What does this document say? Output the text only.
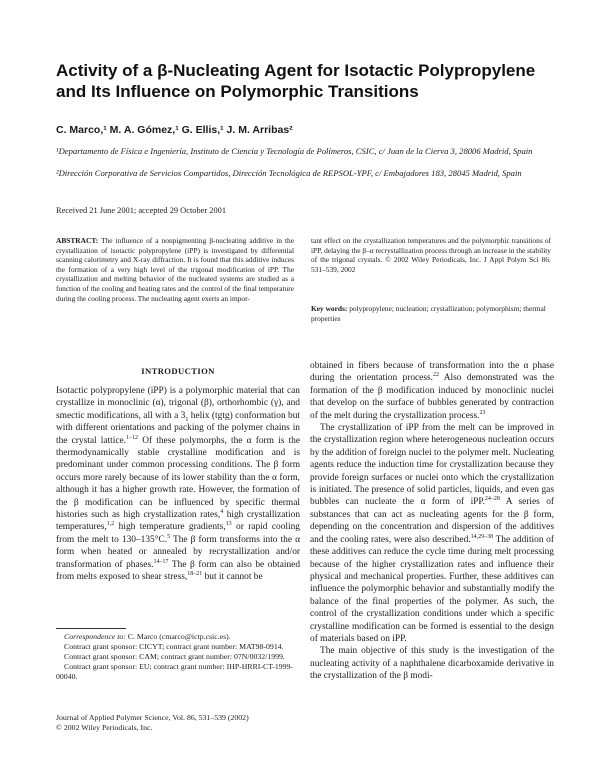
Activity of a β-Nucleating Agent for Isotactic Polypropylene and Its Influence on Polymorphic Transitions
C. Marco,¹ M. A. Gómez,¹ G. Ellis,¹ J. M. Arribas²
¹Departamento de Física e Ingeniería, Instituto de Ciencia y Tecnología de Polímeros, CSIC, c/ Juan de la Cierva 3, 28006 Madrid, Spain
²Dirección Corporativa de Servicios Compartidos, Dirección Tecnológica de REPSOL-YPF, c/ Embajadores 183, 28045 Madrid, Spain
Received 21 June 2001; accepted 29 October 2001
ABSTRACT: The influence of a nonpigmenting β-nucleating additive in the crystallization of isotactic polypropylene (iPP) is investigated by differential scanning calorimetry and X-ray diffraction. It is found that this additive induces the formation of a very high level of the trigonal modification of iPP. The crystallization and melting behavior of the nucleated systems are studied as a function of the cooling and heating rates and the control of the final temperature during the cooling process. The nucleating agent exerts an impor-
tant effect on the crystallization temperatures and the polymorphic transitions of iPP, delaying the β–α recrystallization process through an increase in the stability of the trigonal crystals. © 2002 Wiley Periodicals, Inc. J Appl Polym Sci 86: 531–539, 2002
Key words: polypropylene; nucleation; crystallization; polymorphism; thermal properties
INTRODUCTION

Isotactic polypropylene (iPP) is a polymorphic material that can crystallize in monoclinic (α), trigonal (β), orthorhombic (γ), and smectic modifications, all with a $3_1$ helix (tgtg) conformation but with different orientations and packing of the polymer chains in the crystal lattice.$^{1-12}$ Of these polymorphs, the α form is the thermodynamically stable crystalline modification and is predominant under common processing conditions. The β form occurs more rarely because of its lower stability than the α form, although it has a higher growth rate. However, the formation of the β modification can be influenced by specific thermal histories such as high crystallization rates,$^4$ high crystallization temperatures,$^{1,2}$ high temperature gradients,$^{13}$ or rapid cooling from the melt to 130–135°C.$^5$ The β form transforms into the α form when heated or annealed by recrystallization and/or transformation of phases.$^{14-17}$ The β form can also be obtained from melts exposed to shear stress,$^{18-21}$ but it cannot be

Correspondence to: C. Marco (cmarco@ictp.csic.es).
Contract grant sponsor: CICYT; contract grant number: MAT98-0914.
Contract grant sponsor: CAM; contract grant number: 07N/0032/1999.
Contract grant sponsor: EU; contract grant number: IHP-HRRI-CT-1999-00040.
Journal of Applied Polymer Science, Vol. 86, 531–539 (2002)
© 2002 Wiley Periodicals, Inc.

obtained in fibers because of transformation into the α phase during the orientation process.$^{22}$ Also demonstrated was the formation of the β modification induced by monoclinic nuclei that develop on the surface of bubbles generated by contraction of the melt during the crystallization process.$^{23}$

The crystallization of iPP from the melt can be improved in the crystallization region where heterogeneous nucleation occurs by the addition of foreign nuclei to the polymer melt. Nucleating agents reduce the induction time for crystallization because they provide foreign surfaces or nuclei onto which the crystallization is initiated. The presence of solid particles, liquids, and even gas bubbles can nucleate the α form of iPP.$^{24-28}$ A series of substances that can act as nucleating agents for the β form, depending on the concentration and dispersion of the additives and the cooling rates, were also described.$^{14,29-38}$ The addition of these additives can reduce the cycle time during melt processing because of the higher crystallization rates and influence their physical and mechanical properties. Further, these additives can influence the polymorphic behavior and substantially modify the balance of the final properties of the polymer. As such, the control of the crystallization conditions under which a specific crystalline modification can be formed is essential to the design of materials based on iPP.

The main objective of this study is the investigation of the nucleating activity of a naphthalene dicarboxamide derivative in the crystallization of the β modi-
